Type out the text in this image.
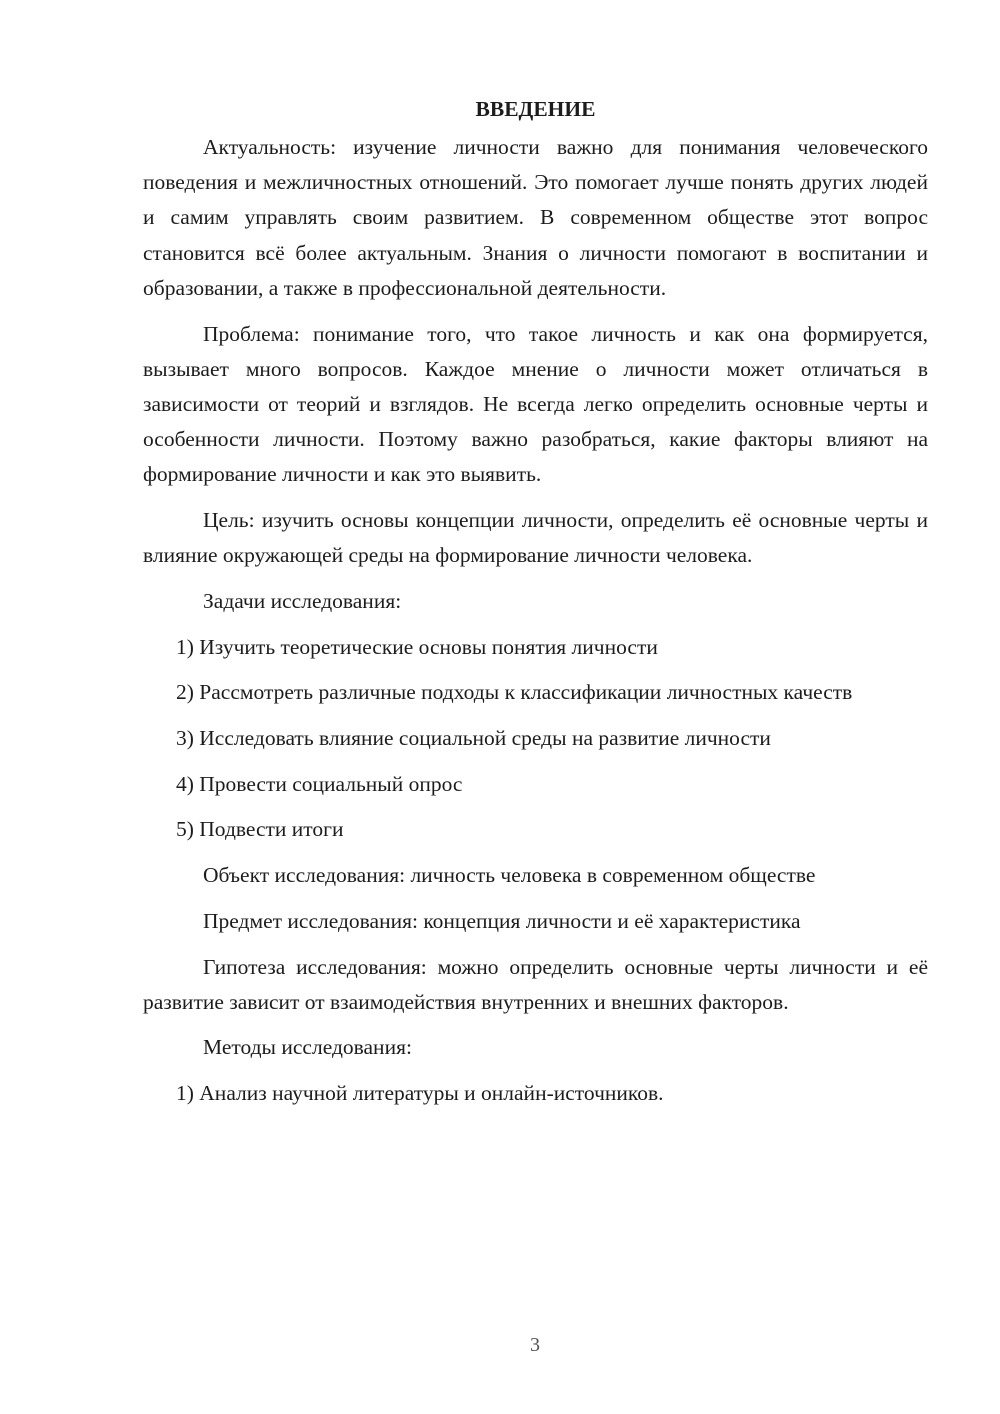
ВВЕДЕНИЕ

Актуальность: изучение личности важно для понимания человеческого поведения и межличностных отношений. Это помогает лучше понять других людей и самим управлять своим развитием. В современном обществе этот вопрос становится всё более актуальным. Знания о личности помогают в воспитании и образовании, а также в профессиональной деятельности.

Проблема: понимание того, что такое личность и как она формируется, вызывает много вопросов. Каждое мнение о личности может отличаться в зависимости от теорий и взглядов. Не всегда легко определить основные черты и особенности личности. Поэтому важно разобраться, какие факторы влияют на формирование личности и как это выявить.

Цель: изучить основы концепции личности, определить её основные черты и влияние окружающей среды на формирование личности человека.

Задачи исследования:

1) Изучить теоретические основы понятия личности

2) Рассмотреть различные подходы к классификации личностных качеств

3) Исследовать влияние социальной среды на развитие личности

4) Провести социальный опрос

5) Подвести итоги

Объект исследования: личность человека в современном обществе

Предмет исследования: концепция личности и её характеристика

Гипотеза исследования: можно определить основные черты личности и её развитие зависит от взаимодействия внутренних и внешних факторов.

Методы исследования:

1) Анализ научной литературы и онлайн-источников.

3
